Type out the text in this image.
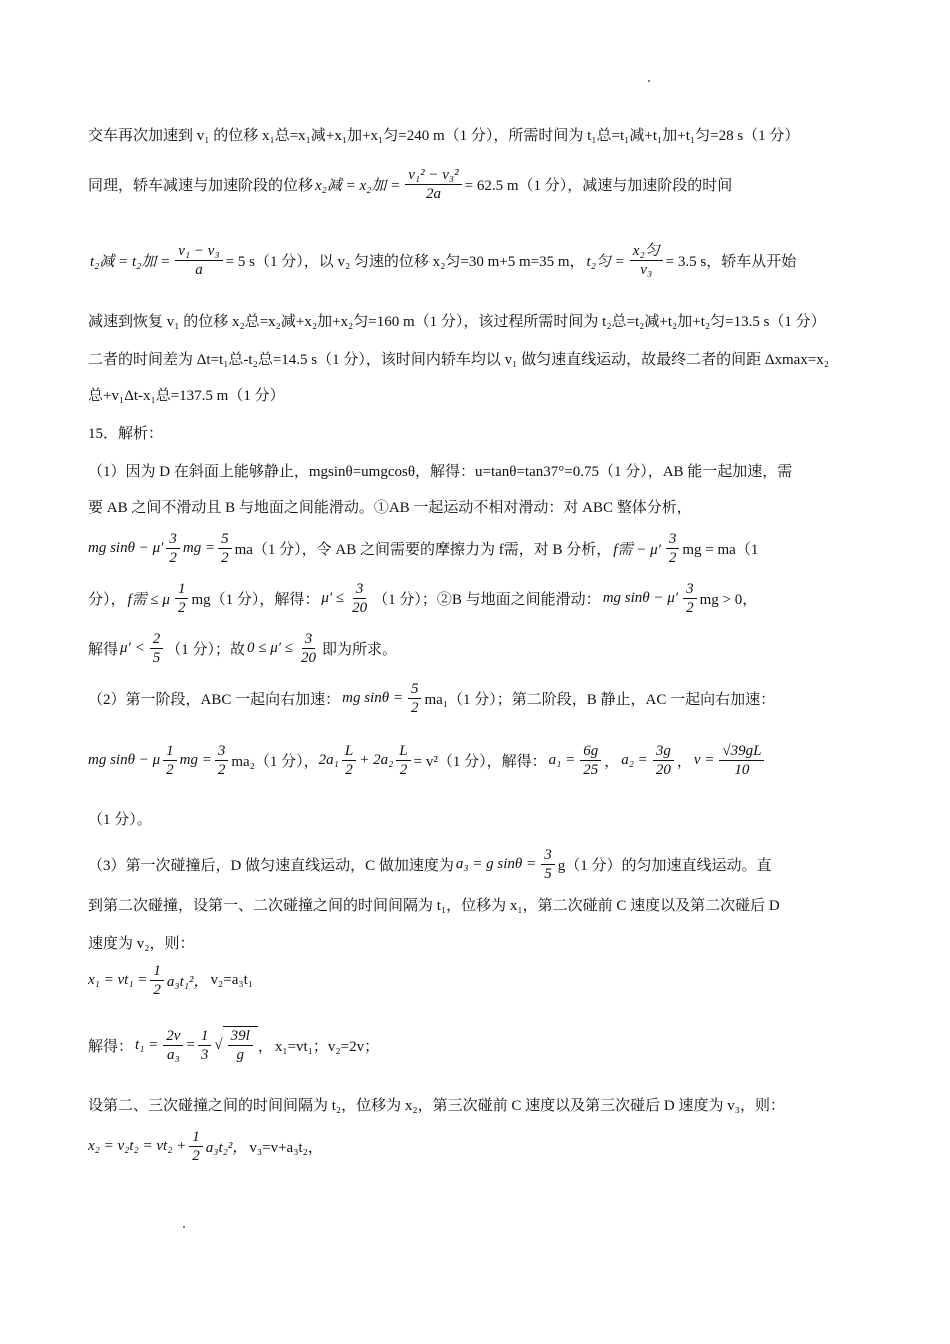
交车再次加速到 v₁ 的位移 x₁总=x₁减+x₁加+x₁匀=240 m（1 分），所需时间为 t₁总=t₁减+t₁加+t₁匀=28 s（1 分）
同理，轿车减速与加速阶段的位移 x₂减 = x₂加 = $\frac{\text{v₁² − v₃²}}{2a} = 62.5$ m（1 分），减速与加速阶段的时间
t₂减 = t₂加 = $\frac{\text{v₁ − v₃}}{a} = 5$ s（1 分），以 v₂ 匀速的位移 x₂匀=30 m+5 m=35 m， t₂匀 = $\frac{\text{x₂匀}}{\text{v₃}} = 3.5$ s，轿车从开始
减速到恢复 v₁ 的位移 x₂总=x₂减+x₂加+x₂匀=160 m（1 分），该过程所需时间为 t₂总=t₂减+t₂加+t₂匀=13.5 s（1 分）
二者的时间差为 Δt=t₁总-t₂总=14.5 s（1 分），该时间内轿车均以 v₁ 做匀速直线运动，故最终二者的间距 Δxmax=x₂
总+v₁Δt-x₁总=137.5 m（1 分）
15．解析：
（1）因为 D 在斜面上能够静止，mgsinθ=umgcosθ，解得：u=tanθ=tan37°=0.75（1 分），AB 能一起加速，需
要 AB 之间不滑动且 B 与地面之间能滑动。①AB 一起运动不相对滑动：对 ABC 整体分析，
mg $\sin\theta - \mu' \frac{3}{2}$ mg = $\frac{5}{2} ma(1$ 分），令 AB 之间需要的摩擦力为 f需，对 B 分析， f需 − $\mu' \frac{3}{2}$ mg = ma（1
分）， f需 ≤ μ $\frac{1}{2} mg(1$ 分），解得： $\mu' \le \frac{3}{20} (1$ 分）；②B 与地面之间能滑动： mg $\sin\theta - \mu' \frac{3}{2}$ mg > 0，
解得 $\mu' < \frac{2}{5} (1$ 分）；故 $0 \le \mu' \le \frac{3}{20}$ 即为所求。
（2）第一阶段，ABC 一起向右加速： mg $\sin\theta = \frac{5}{2} ma_1(1$ 分）；第二阶段，B 静止，AC 一起向右加速：
mg sinθ − μ $\frac{1}{2}$ mg = $\frac{3}{2} ma_2(1$ 分）， $2a_1 \frac{L}{2} + 2a_2 \frac{L}{2} = v^2(1$ 分），解得： $a_1 = \frac{6g}{25}$ ， $a_2 = \frac{3g}{20}$ ， $v = \frac{√39gL}{10}$
（1 分）。
（3）第一次碰撞后，D 做匀速直线运动，C 做加速度为 a₃ = g $\sin\theta = \frac{3}{5} g(1$ 分）的匀加速直线运动。直
到第二次碰撞，设第一、二次碰撞之间的时间间隔为 t₁，位移为 x₁，第二次碰前 C 速度以及第二次碰后 D
速度为 v₂，则：
$x_1 = vt_1 = \frac{1}{2} a_3t_1^2$， v₂=a₃t₁
解得： $t_1 = \frac{2v}{\text{a₃}} = \frac{1}{3}$ √ $\frac{39l}{g}$ ， x₁=vt₁；v₂=2v；
设第二、三次碰撞之间的时间间隔为 t₂，位移为 x₂，第三次碰前 C 速度以及第三次碰后 D 速度为 v₃，则：
$x_2 = v_2t_2 = vt_2 + \frac{1}{2} a_3t_2^2$， v₃=v+a₃t₂，
